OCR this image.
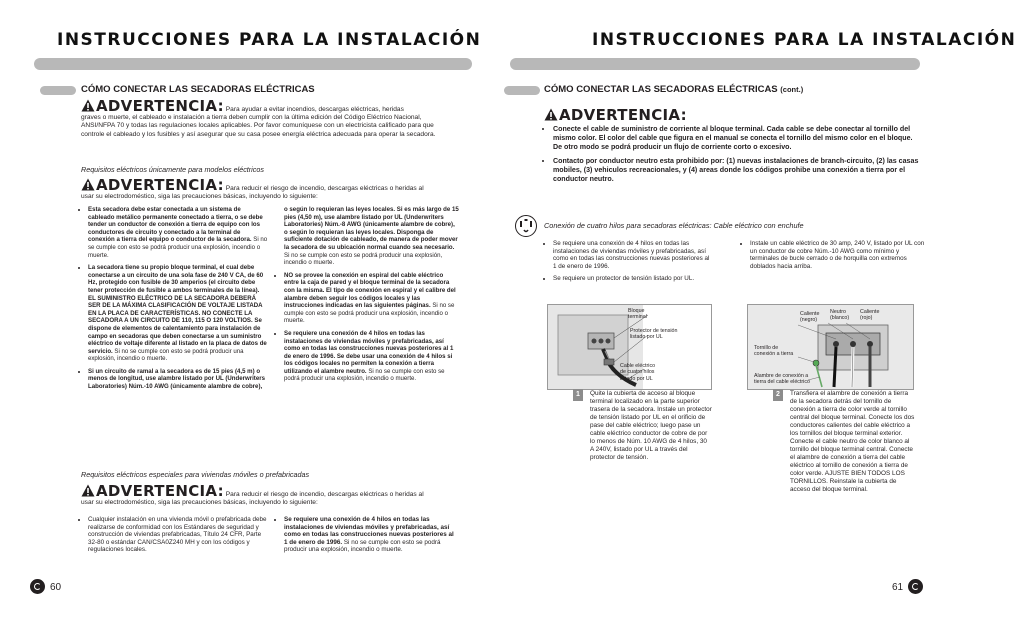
INSTRUCCIONES PARA LA INSTALACIÓN
CÓMO CONECTAR LAS SECADORAS ELÉCTRICAS
ADVERTENCIA: Para ayudar a evitar incendios, descargas eléctricas, heridas
graves o muerte, el cableado e instalación a tierra deben cumplir con la última edición del Código Eléctrico Nacional, ANSI/NFPA 70 y todas las regulaciones locales aplicables. Por favor comuníquese con un electricista calificado para que controle el cableado y los fusibles y así asegurar que su casa posee energía eléctrica adecuada para operar la secadora.
Requisitos eléctricos únicamente para modelos eléctricos
ADVERTENCIA: Para reducir el riesgo de incendio, descargas eléctricas o heridas al
usar su electrodoméstico, siga las precauciones básicas, incluyendo lo siguiente:
• Esta secadora debe estar conectada a un sistema de cableado metálico permanente conectado a tierra, o se debe tender un conductor de conexión a tierra de equipo con los conductores de circuito y conectado a la terminal de conexión a tierra del equipo o conductor de la secadora. Si no se cumple con esto se podrá producir una explosión, incendio o muerte.
• La secadora tiene su propio bloque terminal, el cual debe conectarse a un circuito de una sola fase de 240 V CA, de 60 Hz, protegido con fusible de 30 amperios (el circuito debe tener protección de fusible a ambos terminales de la línea). EL SUMINISTRO ELÉCTRICO DE LA SECADORA DEBERÁ SER DE LA MÁXIMA CLASIFICACIÓN DE VOLTAJE LISTADA EN LA PLACA DE CARACTERÍSTICAS. NO CONECTE LA SECADORA A UN CIRCUITO DE 110, 115 O 120 VOLTIOS. Se dispone de elementos de calentamiento para instalación de campo en secadoras que deben conectarse a un suministro eléctrico de voltaje diferente al listado en la placa de datos de servicio. Si no se cumple con esto se podrá producir una explosión, incendio o muerte.
• Si un circuito de ramal a la secadora es de 15 pies (4,5 m) o menos de longitud, use alambre listado por UL (Underwriters Laboratories) Núm.-10 AWG (únicamente alambre de cobre),
o según lo requieran las leyes locales. Si es más largo de 15 pies (4,50 m), use alambre listado por UL (Underwriters Laboratories) Núm.-8 AWG (únicamente alambre de cobre), o según lo requieran las leyes locales. Disponga de suficiente dotación de cableado, de manera de poder mover la secadora de su ubicación normal cuando sea necesario. Si no se cumple con esto se podrá producir una explosión, incendio o muerte.
• NO se provee la conexión en espiral del cable eléctrico entre la caja de pared y el bloque terminal de la secadora con la misma. El tipo de conexión en espiral y el calibre del alambre deben seguir los códigos locales y las instrucciones indicadas en las siguientes páginas. Si no se cumple con esto se podrá producir una explosión, incendio o muerte.
• Se requiere una conexión de 4 hilos en todas las instalaciones de viviendas móviles y prefabricadas, así como en todas las construcciones nuevas posteriores al 1 de enero de 1996. Se debe usar una conexión de 4 hilos si los códigos locales no permiten la conexión a tierra utilizando el alambre neutro. Si no se cumple con esto se podrá producir una explosión, incendio o muerte.
Requisitos eléctricos especiales para viviendas móviles o prefabricadas
ADVERTENCIA: Para reducir el riesgo de incendio, descargas eléctricas o heridas al
usar su electrodoméstico, siga las precauciones básicas, incluyendo lo siguiente:
• Cualquier instalación en una vivienda móvil o prefabricada debe realizarse de conformidad con los Estándares de seguridad y construcción de viviendas prefabricadas, Título 24 CFR, Parte 32-80 o estándar CAN/CSA0Z240 MH y con los códigos y regulaciones locales.
• Se requiere una conexión de 4 hilos en todas las instalaciones de viviendas móviles y prefabricadas, así como en todas las construcciones nuevas posteriores al 1 de enero de 1996. Si no se cumple con esto se podrá producir una explosión, incendio o muerte.
60
INSTRUCCIONES PARA LA INSTALACIÓN
CÓMO CONECTAR LAS SECADORAS ELÉCTRICAS (cont.)
ADVERTENCIA:
• Conecte el cable de suministro de corriente al bloque terminal. Cada cable se debe conectar al tornillo del mismo color. El color del cable que figura en el manual se conecta el tornillo del mismo color en el bloque. De otro modo se podrá producir un flujo de corriente corto o excesivo.
• Contacto por conductor neutro esta prohibido por: (1) nuevas instalaciones de branch-circuito, (2) las casas mobiles, (3) vehiculos recreacionales, y (4) areas donde los códigos prohibe una conexión a tierra por el conductor neutro.
Conexión de cuatro hilos para secadoras eléctricas: Cable eléctrico con enchufe
• Se requiere una conexión de 4 hilos en todas las instalaciones de viviendas móviles y prefabricadas, así como en todas las construcciones nuevas posteriores al 1 de enero de 1996.
• Se requiere un protector de tensión listado por UL.
• Instale un cable eléctrico de 30 amp, 240 V, listado por UL con un conductor de cobre Núm.-10 AWG como mínimo y terminales de bucle cerrado o de horquilla con extremos doblados hacia arriba.
Bloque
terminal
Protector de tensión
listado por UL
Cable eléctrico
de cuatro hilos
listado por UL
Caliente
(negro)
Neutro
(blanco)
Caliente
(rojo)
Tornillo de
conexión a tierra
Alambre de conexión a
tierra del cable eléctrico
1	Quite la cubierta de acceso al bloque terminal localizado en la parte superior trasera de la secadora. Instale un protector de tensión listado por UL en el orificio de pase del cable eléctrico; luego pase un cable eléctrico conductor de cobre de por lo menos de Núm. 10 AWG de 4 hilos, 30 A 240V, listado por UL a través del protector de tensión.
2	Transfiera el alambre de conexión a tierra de la secadora detrás del tornillo de conexión a tierra de color verde al tornillo central del bloque terminal. Conecte los dos conductores calientes del cable eléctrico a los tornillos del bloque terminal exterior. Conecte el cable neutro de color blanco al tornillo del bloque terminal central. Conecte el alambre de conexión a tierra del cable eléctrico al tornillo de conexión a tierra de color verde. AJUSTE BIEN TODOS LOS TORNILLOS. Reinstale la cubierta de acceso del bloque terminal.
61
